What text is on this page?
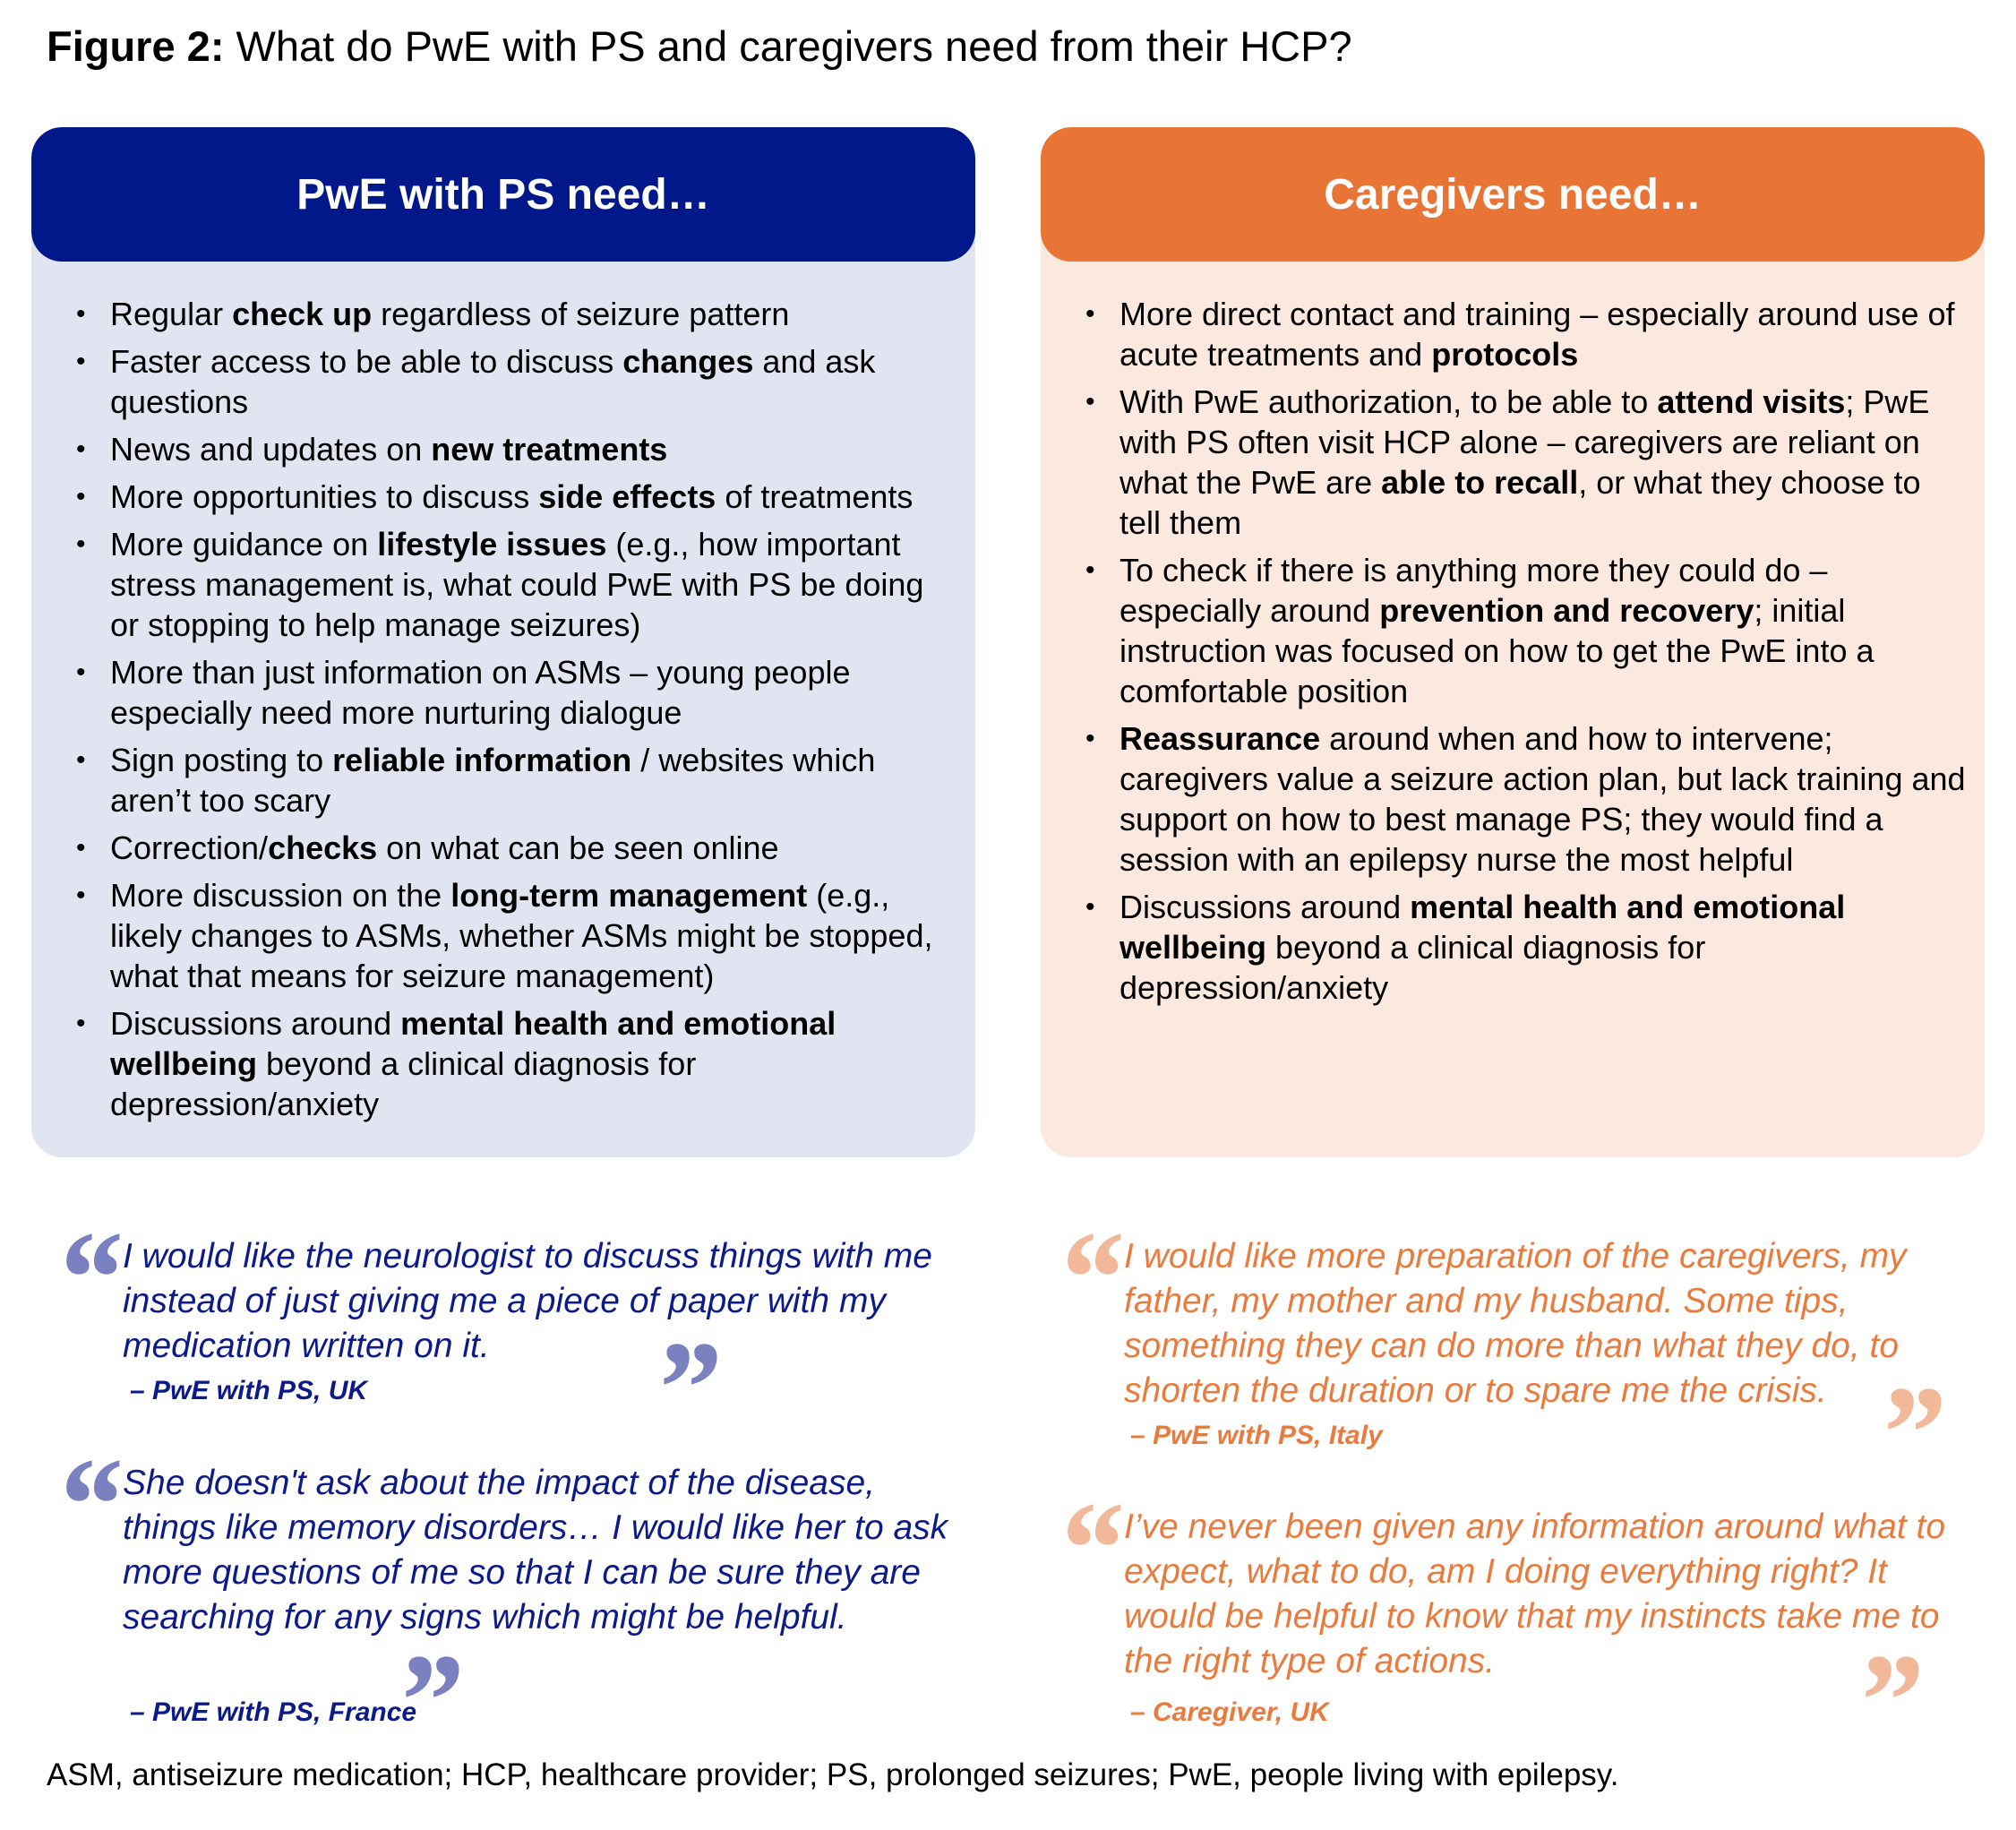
Figure 2: What do PwE with PS and caregivers need from their HCP?
PwE with PS need…
• Regular check up regardless of seizure pattern
• Faster access to be able to discuss changes and ask questions
• News and updates on new treatments
• More opportunities to discuss side effects of treatments
• More guidance on lifestyle issues (e.g., how important stress management is, what could PwE with PS be doing or stopping to help manage seizures)
• More than just information on ASMs – young people especially need more nurturing dialogue
• Sign posting to reliable information / websites which aren’t too scary
• Correction/checks on what can be seen online
• More discussion on the long-term management (e.g., likely changes to ASMs, whether ASMs might be stopped, what that means for seizure management)
• Discussions around mental health and emotional wellbeing beyond a clinical diagnosis for depression/anxiety
Caregivers need…
• More direct contact and training – especially around use of acute treatments and protocols
• With PwE authorization, to be able to attend visits; PwE with PS often visit HCP alone – caregivers are reliant on what the PwE are able to recall, or what they choose to tell them
• To check if there is anything more they could do – especially around prevention and recovery; initial instruction was focused on how to get the PwE into a comfortable position
• Reassurance around when and how to intervene; caregivers value a seizure action plan, but lack training and support on how to best manage PS; they would find a session with an epilepsy nurse the most helpful
• Discussions around mental health and emotional wellbeing beyond a clinical diagnosis for depression/anxiety
“ I would like the neurologist to discuss things with me instead of just giving me a piece of paper with my medication written on it.	”
– PwE with PS, UK
“ She doesn't ask about the impact of the disease, things like memory disorders… I would like her to ask more questions of me so that I can be sure they are searching for any signs which might be helpful.
”
– PwE with PS, France
“ I would like more preparation of the caregivers, my father, my mother and my husband. Some tips, something they can do more than what they do, to shorten the duration or to spare me the crisis. ”
– PwE with PS, Italy
“ I’ve never been given any information around what to expect, what to do, am I doing everything right? It would be helpful to know that my instincts take me to the right type of actions.	”
– Caregiver, UK
ASM, antiseizure medication; HCP, healthcare provider; PS, prolonged seizures; PwE, people living with epilepsy.
